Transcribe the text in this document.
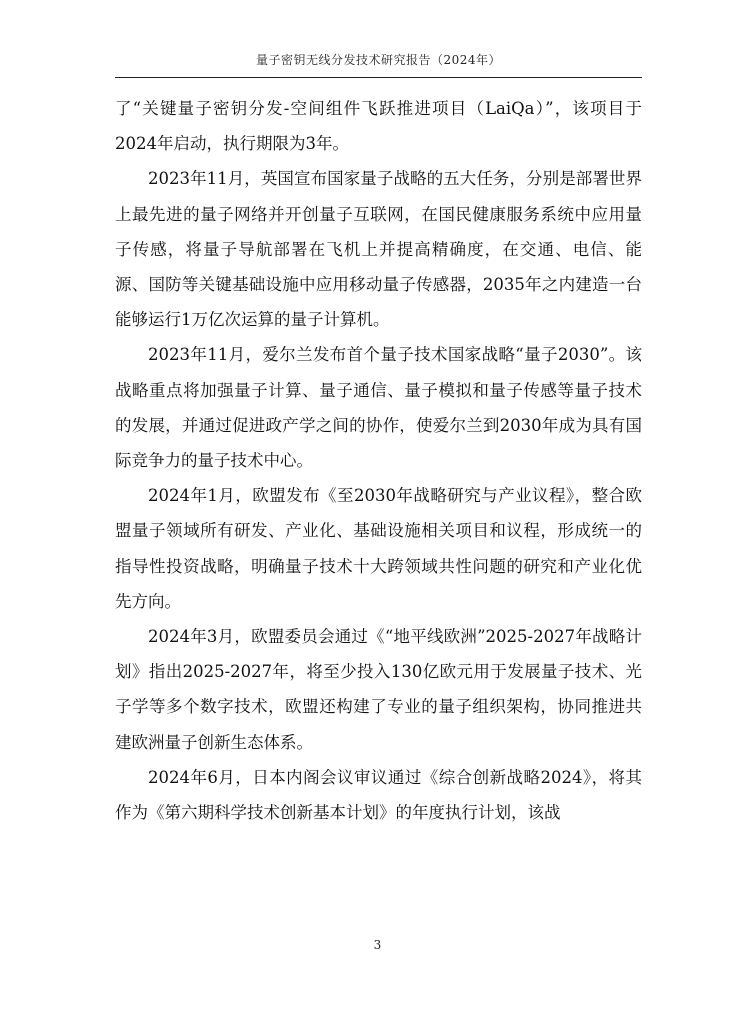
量子密钥无线分发技术研究报告（2024年）

了“关键量子密钥分发-空间组件飞跃推进项目（LaiQa）”，该项目于2024年启动，执行期限为3年。

2023年11月，英国宣布国家量子战略的五大任务，分别是部署世界上最先进的量子网络并开创量子互联网，在国民健康服务系统中应用量子传感，将量子导航部署在飞机上并提高精确度，在交通、电信、能源、国防等关键基础设施中应用移动量子传感器，2035年之内建造一台能够运行1万亿次运算的量子计算机。

2023年11月，爱尔兰发布首个量子技术国家战略“量子2030”。该战略重点将加强量子计算、量子通信、量子模拟和量子传感等量子技术的发展，并通过促进政产学之间的协作，使爱尔兰到2030年成为具有国际竞争力的量子技术中心。

2024年1月，欧盟发布《至2030年战略研究与产业议程》，整合欧盟量子领域所有研发、产业化、基础设施相关项目和议程，形成统一的指导性投资战略，明确量子技术十大跨领域共性问题的研究和产业化优先方向。

2024年3月，欧盟委员会通过《“地平线欧洲”2025-2027年战略计划》指出2025-2027年，将至少投入130亿欧元用于发展量子技术、光子学等多个数字技术，欧盟还构建了专业的量子组织架构，协同推进共建欧洲量子创新生态体系。

2024年6月，日本内阁会议审议通过《综合创新战略2024》，将其作为《第六期科学技术创新基本计划》的年度执行计划，该战

3
